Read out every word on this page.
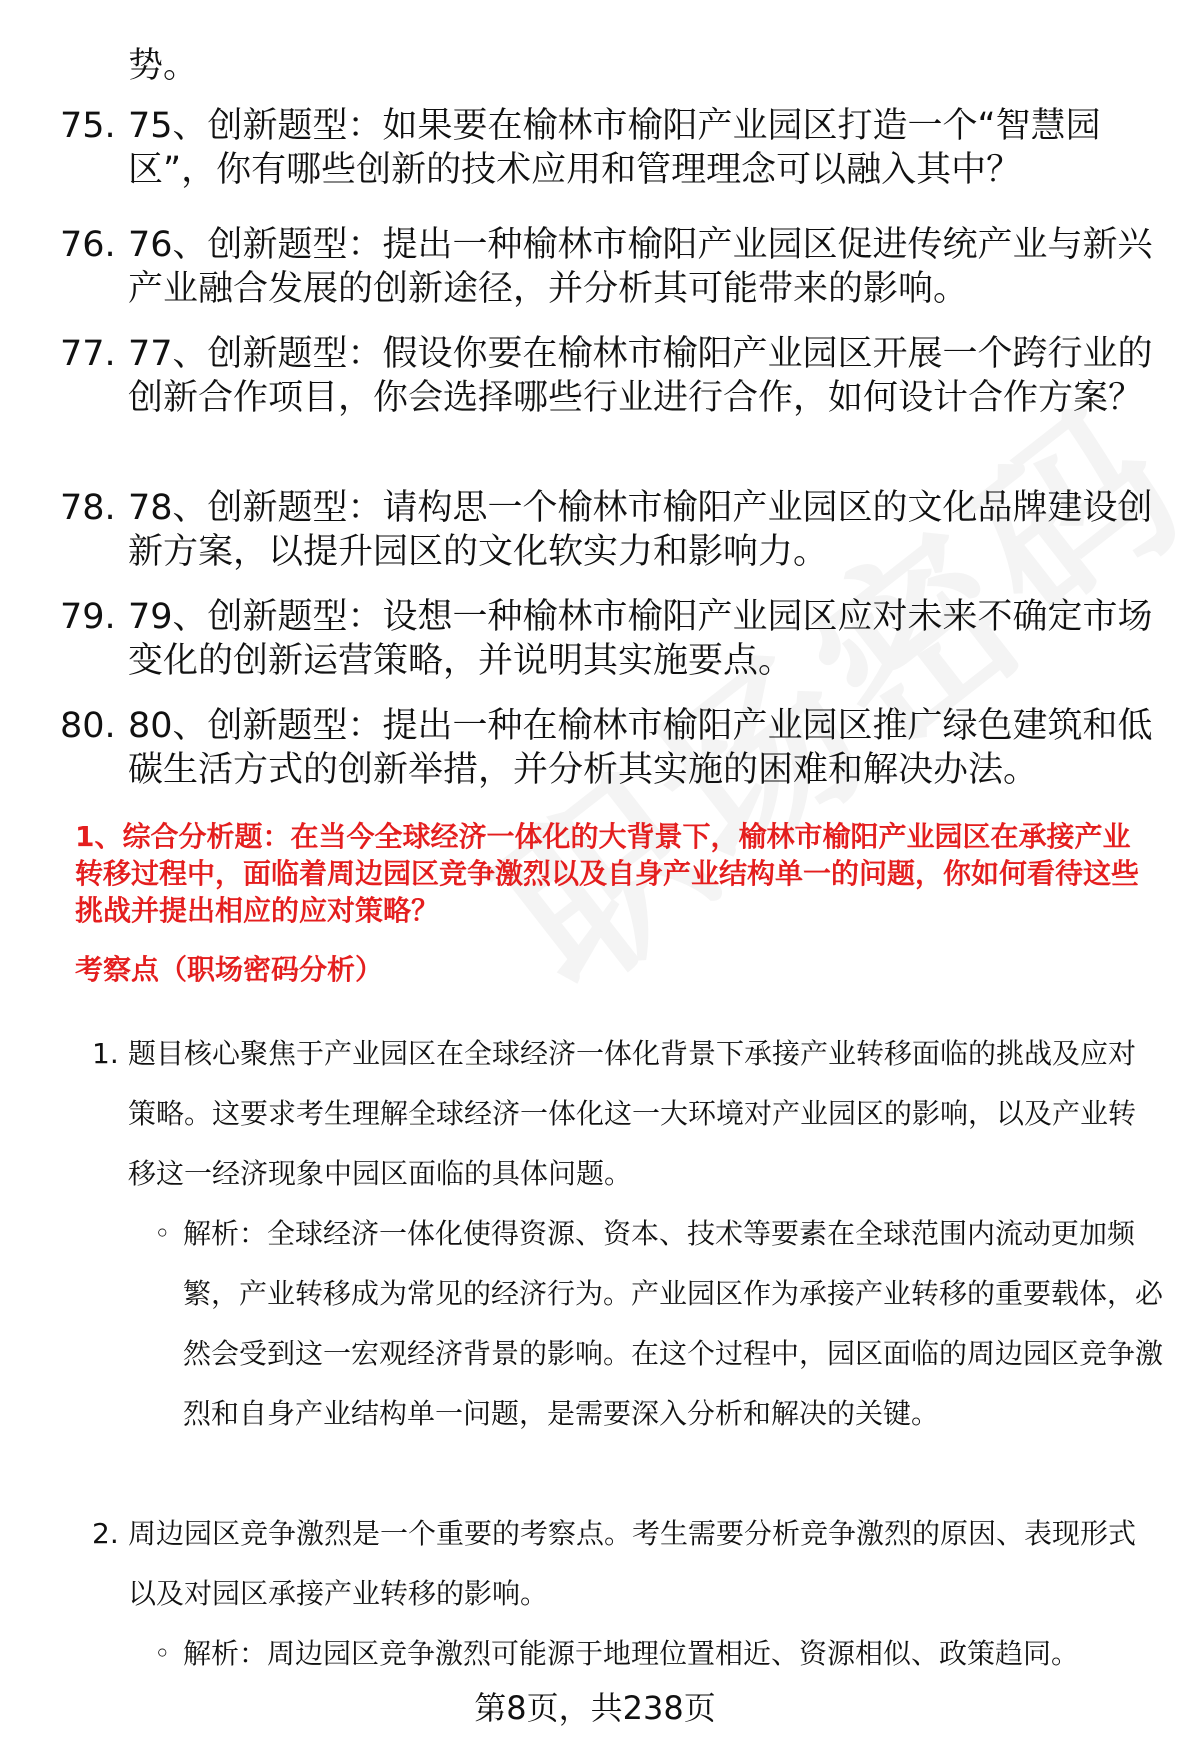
势。

75. 75、创新题型：如果要在榆林市榆阳产业园区打造一个“智慧园区”，你有哪些创新的技术应用和管理理念可以融入其中？

76. 76、创新题型：提出一种榆林市榆阳产业园区促进传统产业与新兴产业融合发展的创新途径，并分析其可能带来的影响。

77. 77、创新题型：假设你要在榆林市榆阳产业园区开展一个跨行业的创新合作项目，你会选择哪些行业进行合作，如何设计合作方案？

78. 78、创新题型：请构思一个榆林市榆阳产业园区的文化品牌建设创新方案，以提升园区的文化软实力和影响力。

79. 79、创新题型：设想一种榆林市榆阳产业园区应对未来不确定市场变化的创新运营策略，并说明其实施要点。

80. 80、创新题型：提出一种在榆林市榆阳产业园区推广绿色建筑和低碳生活方式的创新举措，并分析其实施的困难和解决办法。

1、综合分析题：在当今全球经济一体化的大背景下，榆林市榆阳产业园区在承接产业转移过程中，面临着周边园区竞争激烈以及自身产业结构单一的问题，你如何看待这些挑战并提出相应的应对策略？

考察点（职场密码分析）

1. 题目核心聚焦于产业园区在全球经济一体化背景下承接产业转移面临的挑战及应对策略。这要求考生理解全球经济一体化这一大环境对产业园区的影响，以及产业转移这一经济现象中园区面临的具体问题。

◦ 解析：全球经济一体化使得资源、资本、技术等要素在全球范围内流动更加频繁，产业转移成为常见的经济行为。产业园区作为承接产业转移的重要载体，必然会受到这一宏观经济背景的影响。在这个过程中，园区面临的周边园区竞争激烈和自身产业结构单一问题，是需要深入分析和解决的关键。

2. 周边园区竞争激烈是一个重要的考察点。考生需要分析竞争激烈的原因、表现形式以及对园区承接产业转移的影响。

◦ 解析：周边园区竞争激烈可能源于地理位置相近、资源相似、政策趋同。

第8页，共238页
